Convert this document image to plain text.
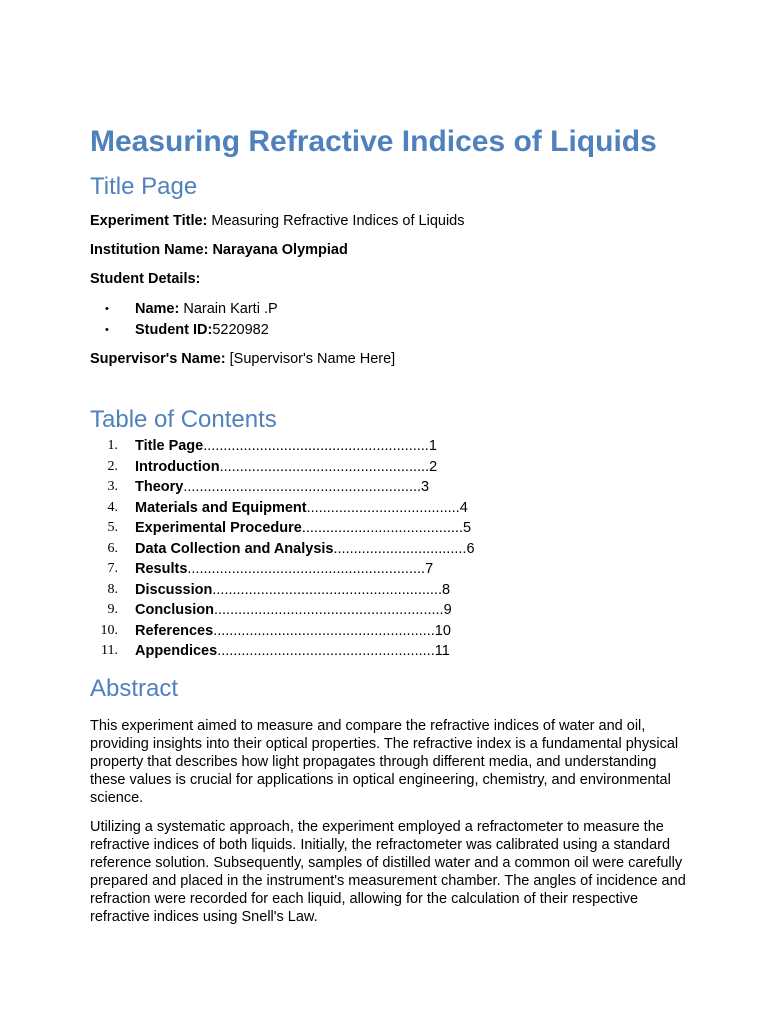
Measuring Refractive Indices of Liquids
Title Page

Experiment Title: Measuring Refractive Indices of Liquids

Institution Name: Narayana Olympiad

Student Details:

• Name: Narain Karti .P
• Student ID:5220982

Supervisor's Name: [Supervisor's Name Here]

Table of Contents
1. Title Page........................................................1
2. Introduction....................................................2
3. Theory...........................................................3
4. Materials and Equipment......................................4
5. Experimental Procedure........................................5
6. Data Collection and Analysis.................................6
7. Results...........................................................7
8. Discussion.........................................................8
9. Conclusion.........................................................9
10. References.......................................................10
11. Appendices......................................................11
Abstract

This experiment aimed to measure and compare the refractive indices of water and oil, providing insights into their optical properties. The refractive index is a fundamental physical property that describes how light propagates through different media, and understanding these values is crucial for applications in optical engineering, chemistry, and environmental science.

Utilizing a systematic approach, the experiment employed a refractometer to measure the refractive indices of both liquids. Initially, the refractometer was calibrated using a standard reference solution. Subsequently, samples of distilled water and a common oil were carefully prepared and placed in the instrument's measurement chamber. The angles of incidence and refraction were recorded for each liquid, allowing for the calculation of their respective refractive indices using Snell's Law.
